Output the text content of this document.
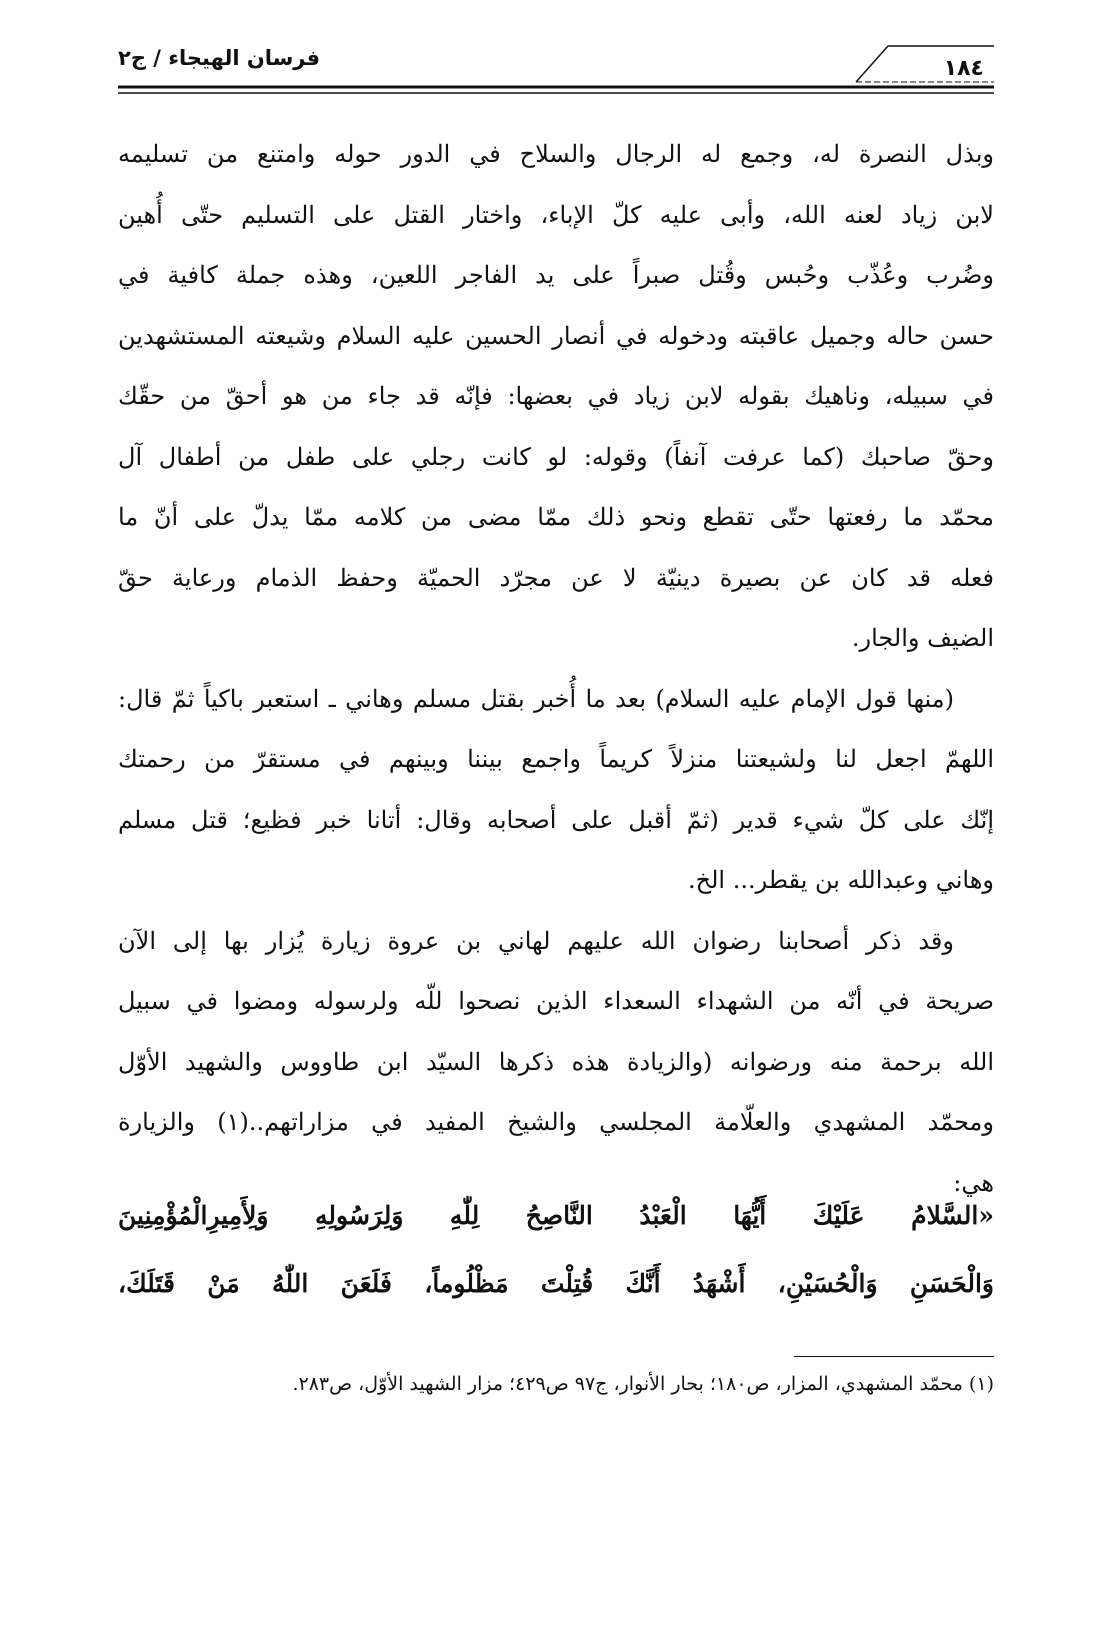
فرسان الهيجاء / ج٢	١٨٤
وبذل النصرة له، وجمع له الرجال والسلاح في الدور حوله وامتنع من تسليمه
لابن زياد لعنه الله، وأبى عليه كلّ الإباء، واختار القتل على التسليم حتّى أُهين
وضُرب وعُذّب وحُبس وقُتل صبراً على يد الفاجر اللعين، وهذه جملة كافية في
حسن حاله وجميل عاقبته ودخوله في أنصار الحسين عليه السلام وشيعته المستشهدين
في سبيله، وناهيك بقوله لابن زياد في بعضها: فإنّه قد جاء من هو أحقّ من حقّك
وحقّ صاحبك (كما عرفت آنفاً) وقوله: لو كانت رجلي على طفل من أطفال آل
محمّد ما رفعتها حتّى تقطع ونحو ذلك ممّا مضى من كلامه ممّا يدلّ على أنّ ما
فعله قد كان عن بصيرة دينيّة لا عن مجرّد الحميّة وحفظ الذمام ورعاية حقّ
الضيف والجار.
(منها قول الإمام عليه السلام) بعد ما أُخبر بقتل مسلم وهاني ـ استعبر باكياً ثمّ قال:
اللهمّ اجعل لنا ولشيعتنا منزلاً كريماً واجمع بيننا وبينهم في مستقرّ من رحمتك
إنّك على كلّ شيء قدير (ثمّ أقبل على أصحابه وقال: أتانا خبر فظيع؛ قتل مسلم
وهاني وعبدالله بن يقطر... الخ.
وقد ذكر أصحابنا رضوان الله عليهم لهاني بن عروة زيارة يُزار بها إلى الآن
صريحة في أنّه من الشهداء السعداء الذين نصحوا للّه ولرسوله ومضوا في سبيل
الله برحمة منه ورضوانه (والزيادة هذه ذكرها السيّد ابن طاووس والشهيد الأوّل
ومحمّد المشهدي والعلّامة المجلسي والشيخ المفيد في مزاراتهم..(١) والزيارة
هي:
«السَّلامُ عَلَيْكَ أَيُّهَا الْعَبْدُ النَّاصِحُ لِلّٰهِ وَلِرَسُولِهِ وَلِأَمِيرِالْمُؤْمِنِينَ
وَالْحَسَنِ وَالْحُسَيْنِ، أَشْهَدُ أَنَّكَ قُتِلْتَ مَظْلُوماً، فَلَعَنَ اللّٰهُ مَنْ قَتَلَكَ،
(١) محمّد المشهدي، المزار، ص١٨٠؛ بحار الأنوار، ج٩٧ ص٤٢٩؛ مزار الشهيد الأوّل، ص٢٨٣.
